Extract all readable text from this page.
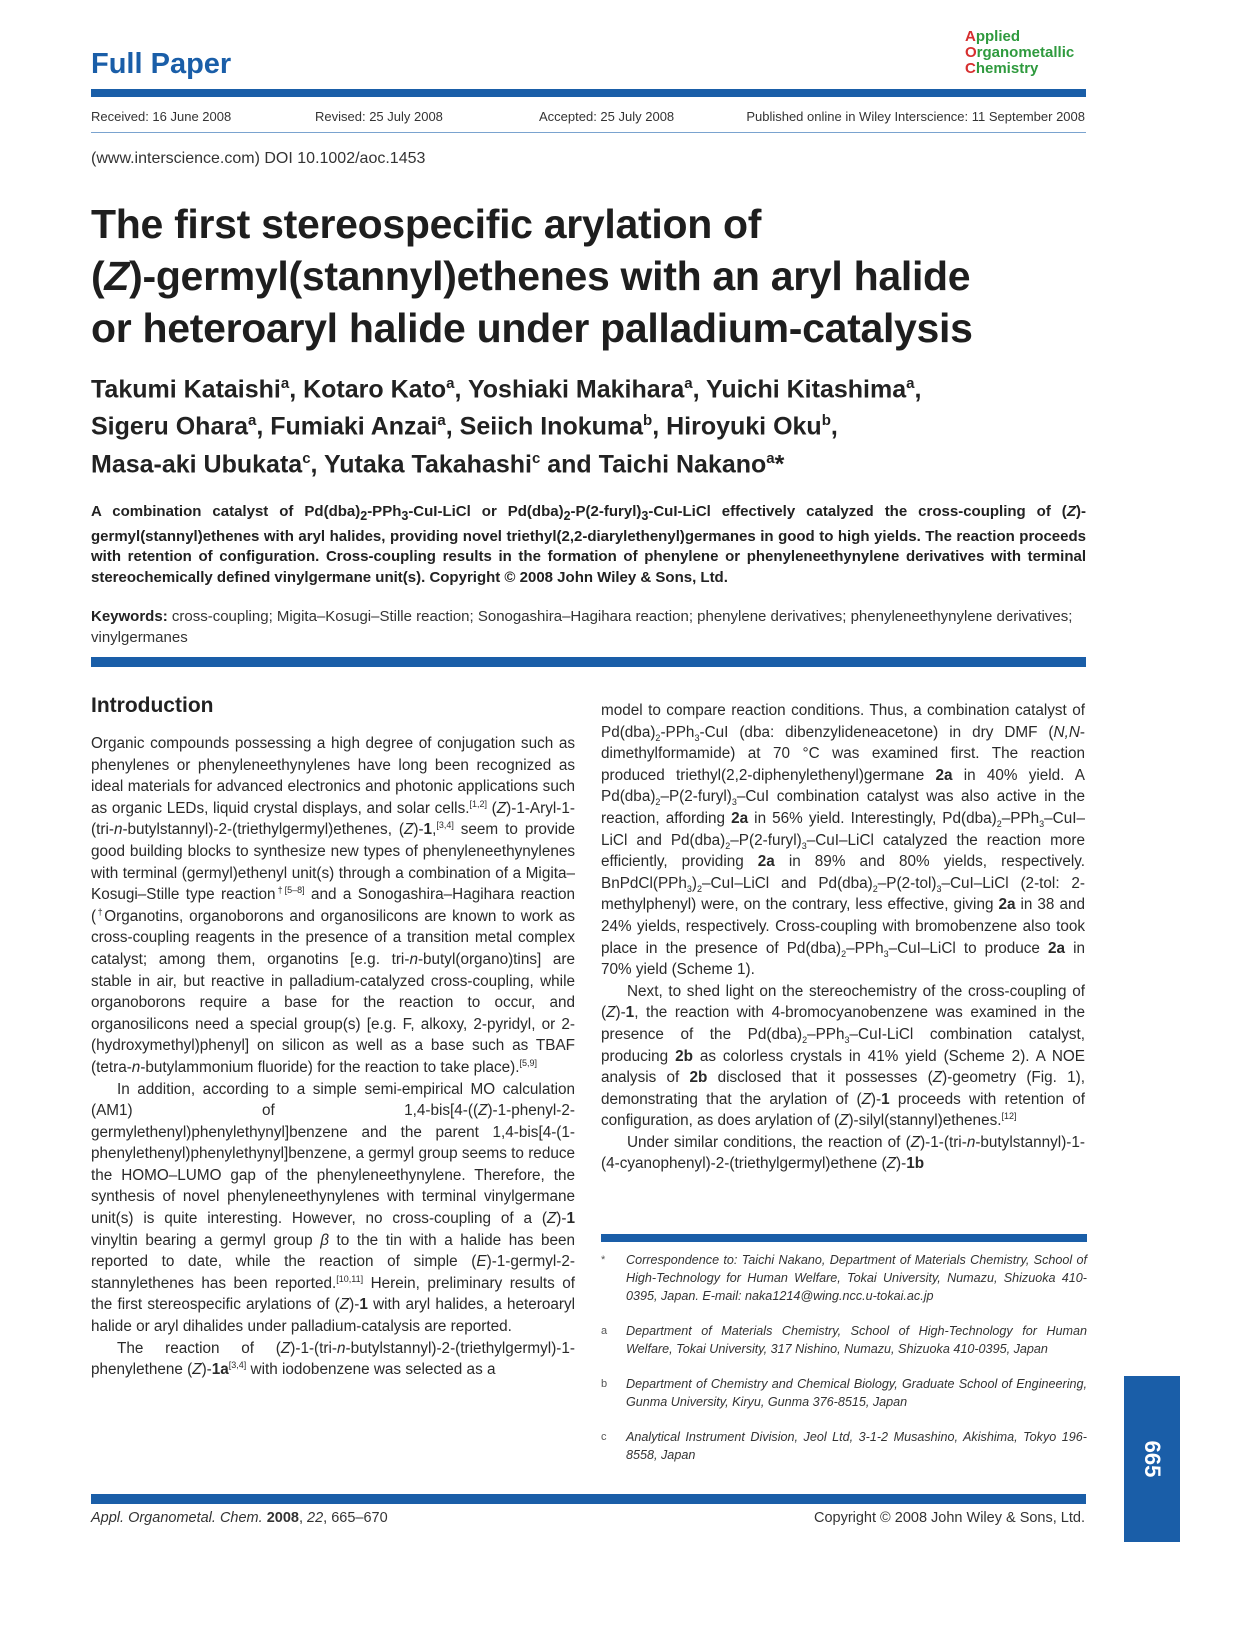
Full Paper
Applied
Organometallic
Chemistry
Received: 16 June 2008	Revised: 25 July 2008	Accepted: 25 July 2008	Published online in Wiley Interscience: 11 September 2008
(www.interscience.com) DOI 10.1002/aoc.1453
The first stereospecific arylation of
(Z)-germyl(stannyl)ethenes with an aryl halide
or heteroaryl halide under palladium-catalysis
Takumi Kataishi$^a$, Kotaro Kato$^a$, Yoshiaki Makihara$^a$, Yuichi Kitashima$^a$,
Sigeru Ohara$^a$, Fumiaki Anzai$^a$, Seiich Inokuma$^b$, Hiroyuki Oku$^b$,
Masa-aki Ubukata$^c$, Yutaka Takahashi$^c$ and Taichi Nakano$^a$*

A combination catalyst of $Pd(dba)_2-PPh_3-CuI$-LiCl or $Pd(dba)_2-P(2-furyl)_3-CuI$-LiCl effectively catalyzed the cross-coupling of (Z)-germyl(stannyl)ethenes with aryl halides, providing novel triethyl(2,2-diarylethenyl)germanes in good to high yields. The reaction proceeds with retention of configuration. Cross-coupling results in the formation of phenylene or phenyleneethynylene derivatives with terminal stereochemically defined vinylgermane unit(s). Copyright © 2008 John Wiley & Sons, Ltd.

Keywords: cross-coupling; Migita–Kosugi–Stille reaction; Sonogashira–Hagihara reaction; phenylene derivatives; phenyleneethynylene derivatives; vinylgermanes

Introduction

Organic compounds possessing a high degree of conjugation such as phenylenes or phenyleneethynylenes have long been recognized as ideal materials for advanced electronics and photonic applications such as organic LEDs, liquid crystal displays, and solar cells.[1,2] (Z)-1-Aryl-1-(tri-n-butylstannyl)-2-(triethylgermyl)ethenes, (Z)-1,[3,4] seem to provide good building blocks to synthesize new types of phenyleneethynylenes with terminal (germyl)ethenyl unit(s) through a combination of a Migita–Kosugi–Stille type reaction$^{\dagger[5-8]}$ and a Sonogashira–Hagihara reaction (†Organotins, organoborons and organosilicons are known to work as cross-coupling reagents in the presence of a transition metal complex catalyst; among them, organotins [e.g. tri-n-butyl(organo)tins] are stable in air, but reactive in palladium-catalyzed cross-coupling, while organoborons require a base for the reaction to occur, and organosilicons need a special group(s) [e.g. F, alkoxy, 2-pyridyl, or 2-(hydroxymethyl)phenyl] on silicon as well as a base such as TBAF (tetra-n-butylammonium fluoride) for the reaction to take place).[5,9]

In addition, according to a simple semi-empirical MO calculation (AM1) of 1,4-bis[4-((Z)-1-phenyl-2-germylethenyl)phenylethynyl]benzene and the parent 1,4-bis[4-(1-phenylethenyl)phenylethynyl]benzene, a germyl group seems to reduce the HOMO–LUMO gap of the phenyleneethynylene. Therefore, the synthesis of novel phenyleneethynylenes with terminal vinylgermane unit(s) is quite interesting. However, no cross-coupling of a (Z)-1 vinyltin bearing a germyl group β to the tin with a halide has been reported to date, while the reaction of simple (E)-1-germyl-2-stannylethenes has been reported.[10,11] Herein, preliminary results of the first stereospecific arylations of (Z)-1 with aryl halides, a heteroaryl halide or aryl dihalides under palladium-catalysis are reported.

The reaction of (Z)-1-(tri-n-butylstannyl)-2-(triethylgermyl)-1-phenylethene (Z)-1a[3,4] with iodobenzene was selected as a

model to compare reaction conditions. Thus, a combination catalyst of $Pd(dba)_2-PPh_3$-CuI (dba: dibenzylideneacetone) in dry DMF (N,N-dimethylformamide) at 70 °C was examined first. The reaction produced triethyl(2,2-diphenylethenyl)germane 2a in 40% yield. A $Pd(dba)_2-P(2-furyl)_3$–CuI combination catalyst was also active in the reaction, affording 2a in 56% yield. Interestingly, $Pd(dba)_2-PPh_3-CuI$–LiCl and $Pd(dba)_2-P(2-furyl)_3-CuI$–LiCl catalyzed the reaction more efficiently, providing 2a in 89% and 80% yields, respectively. $BnPdCl(PPh_3)_2-CuI$–LiCl and $Pd(dba)_2-P(2-tol)_3-CuI$–LiCl (2-tol: 2-methylphenyl) were, on the contrary, less effective, giving 2a in 38 and 24% yields, respectively. Cross-coupling with bromobenzene also took place in the presence of $Pd(dba)_2-PPh_3-CuI$–LiCl to produce 2a in 70% yield (Scheme 1).

Next, to shed light on the stereochemistry of the cross-coupling of (Z)-1, the reaction with 4-bromocyanobenzene was examined in the presence of the $Pd(dba)_2-PPh_3-CuI$-LiCl combination catalyst, producing 2b as colorless crystals in 41% yield (Scheme 2). A NOE analysis of 2b disclosed that it possesses (Z)-geometry (Fig. 1), demonstrating that the arylation of (Z)-1 proceeds with retention of configuration, as does arylation of (Z)-silyl(stannyl)ethenes.[12]

Under similar conditions, the reaction of (Z)-1-(tri-n-butylstannyl)-1-(4-cyanophenyl)-2-(triethylgermyl)ethene (Z)-1b

*	Correspondence to: Taichi Nakano, Department of Materials Chemistry, School of High-Technology for Human Welfare, Tokai University, Numazu, Shizuoka 410-0395, Japan. E-mail: naka1214@wing.ncc.u-tokai.ac.jp
a	Department of Materials Chemistry, School of High-Technology for Human Welfare, Tokai University, 317 Nishino, Numazu, Shizuoka 410-0395, Japan
b	Department of Chemistry and Chemical Biology, Graduate School of Engineering, Gunma University, Kiryu, Gunma 376-8515, Japan
c	Analytical Instrument Division, Jeol Ltd, 3-1-2 Musashino, Akishima, Tokyo 196-8558, Japan	665
Appl. Organometal. Chem. 2008, 22, 665–670	Copyright © 2008 John Wiley & Sons, Ltd.
